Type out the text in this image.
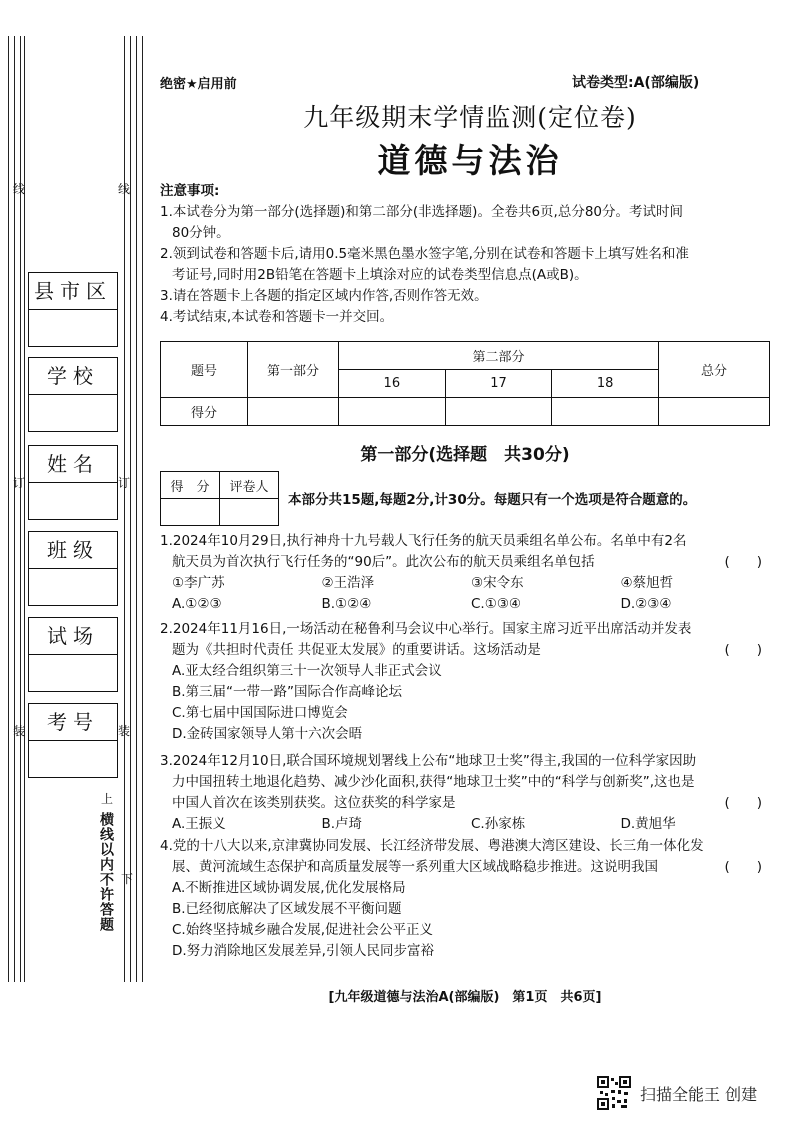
线	线
订	订
装	装
县市区
学校
姓名
班级
试场
考号
上
横线以内不许答题 下
绝密★启用前	试卷类型:A(部编版)
九年级期末学情监测(定位卷)
道德与法治
注意事项:
1.本试卷分为第一部分(选择题)和第二部分(非选择题)。全卷共6页,总分80分。考试时间
80分钟。
2.领到试卷和答题卡后,请用0.5毫米黑色墨水签字笔,分别在试卷和答题卡上填写姓名和准
考证号,同时用2B铅笔在答题卡上填涂对应的试卷类型信息点(A或B)。
3.请在答题卡上各题的指定区域内作答,否则作答无效。
4.考试结束,本试卷和答题卡一并交回。
题号	第一部分	第二部分			总分
		16	17	18	
得分					
第一部分(选择题　共30分)
得　分	评卷人

本部分共15题,每题2分,计30分。每题只有一个选项是符合题意的。
1.2024年10月29日,执行神舟十九号载人飞行任务的航天员乘组名单公布。名单中有2名
航天员为首次执行飞行任务的“90后”。此次公布的航天员乘组名单包括	(　　)
①李广苏	②王浩泽	③宋令东	④蔡旭哲
A.①②③	B.①②④	C.①③④	D.②③④
2.2024年11月16日,一场活动在秘鲁利马会议中心举行。国家主席习近平出席活动并发表
题为《共担时代责任 共促亚太发展》的重要讲话。这场活动是	(　　)
A.亚太经合组织第三十一次领导人非正式会议
B.第三届“一带一路”国际合作高峰论坛
C.第七届中国国际进口博览会
D.金砖国家领导人第十六次会晤
3.2024年12月10日,联合国环境规划署线上公布“地球卫士奖”得主,我国的一位科学家因助
力中国扭转土地退化趋势、减少沙化面积,获得“地球卫士奖”中的“科学与创新奖”,这也是
中国人首次在该类别获奖。这位获奖的科学家是	(　　)
A.王振义	B.卢琦	C.孙家栋	D.黄旭华
4.党的十八大以来,京津冀协同发展、长江经济带发展、粤港澳大湾区建设、长三角一体化发
展、黄河流域生态保护和高质量发展等一系列重大区域战略稳步推进。这说明我国	(　　)
A.不断推进区域协调发展,优化发展格局
B.已经彻底解决了区域发展不平衡问题
C.始终坚持城乡融合发展,促进社会公平正义
D.努力消除地区发展差异,引领人民同步富裕
[九年级道德与法治A(部编版)　第1页　共6页]
扫描全能王 创建
